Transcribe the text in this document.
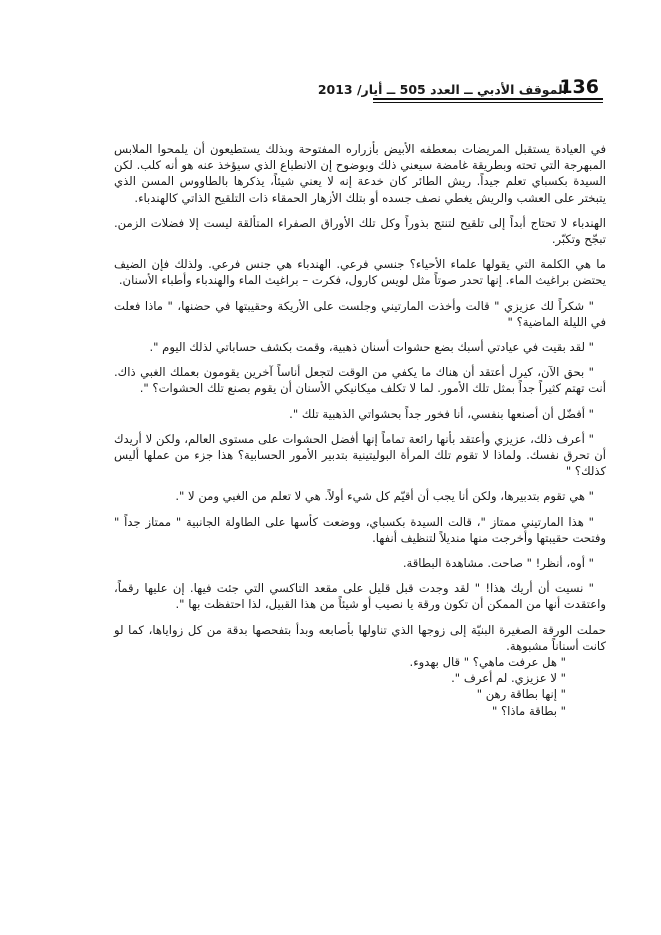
الموقف الأدبي ــ العدد 505 ــ أيار/ 2013
136

في العيادة يستقبل المريضات بمعطفه الأبيض بأزراره المفتوحة وبذلك يستطيعون أن يلمحوا الملابس المبهرجة التي تحته وبطريقة غامضة سيعني ذلك وبوضوح إن الانطباع الذي سيؤخذ عنه هو أنه كلب. لكن السيدة بكسباي تعلم جيداً. ريش الطائر كان خدعة إنه لا يعني شيئاً، يذكرها بالطاووس المسن الذي يتبختر على العشب والريش يغطي نصف جسده أو بتلك الأزهار الحمقاء ذات التلقيح الذاتي كالهندباء.

الهندباء لا تحتاج أبداً إلى تلقيح لتنتج بذوراً وكل تلك الأوراق الصفراء المتألقة ليست إلا فضلات الزمن. تبجّح وتكبّر.

ما هي الكلمة التي يقولها علماء الأحياء؟ جنسي فرعي. الهندباء هي جنس فرعي. ولذلك فإن الضيف يحتضن براغيث الماء. إنها تحدر صوتاً مثل لويس كارول، فكرت – براغيث الماء والهندباء وأطباء الأسنان.

" شكراً لك عزيزي " قالت وأخذت المارتيني وجلست على الأريكة وحقيبتها في حضنها، " ماذا فعلت في الليلة الماضية؟ "

" لقد بقيت في عيادتي أسبك بضع حشوات أسنان ذهبية، وقمت بكشف حساباتي لذلك اليوم ".

" بحق الآن، كيرل أعتقد أن هناك ما يكفي من الوقت لتجعل أناساً آخرين يقومون بعملك الغبي ذاك. أنت تهتم كثيراً جداً بمثل تلك الأمور. لما لا تكلف ميكانيكي الأسنان أن يقوم بصنع تلك الحشوات؟ ".

" أفضّل أن أصنعها بنفسي، أنا فخور جداً بحشواتي الذهبية تلك ".

" أعرف ذلك، عزيزي وأعتقد بأنها رائعة تماماً إنها أفضل الحشوات على مستوى العالم، ولكن لا أريدك أن تحرق نفسك. ولماذا لا تقوم تلك المرأة البوليتينية بتدبير الأمور الحسابية؟ هذا جزء من عملها أليس كذلك؟ "

" هي تقوم بتدبيرها، ولكن أنا يجب أن أقيّم كل شيء أولاً. هي لا تعلم من الغبي ومن لا ".

" هذا المارتيني ممتاز "، قالت السيدة بكسباي، ووضعت كأسها على الطاولة الجانبية " ممتاز جداً " وفتحت حقيبتها وأخرجت منها منديلاً لتنظيف أنفها.

" أوه، أنظر! " صاحت. مشاهدة البطاقة.

" نسيت أن أريك هذا! " لقد وجدت قبل قليل على مقعد التاكسي التي جئت فيها. إن عليها رقماً، واعتقدت أنها من الممكن أن تكون ورقة يا نصيب أو شيئاً من هذا القبيل، لذا احتفظت بها ".

حملت الورقة الصغيرة البنيّة إلى زوجها الذي تناولها بأصابعه وبدأ بتفحصها بدقة من كل زواياها، كما لو كانت أسناناً مشبوهة.

" هل عرفت ماهي؟ " قال بهدوء.

" لا عزيزي. لم أعرف ".

" إنها بطاقة رهن "

" بطاقة ماذا؟ "
